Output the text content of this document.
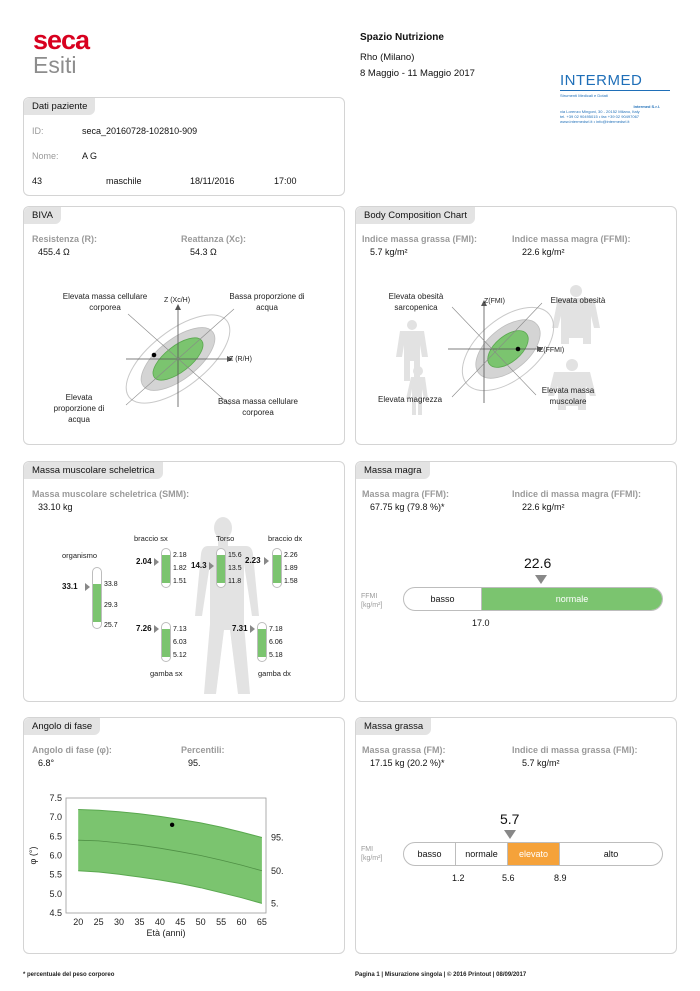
seca
Esiti
Spazio Nutrizione
Rho (Milano)
8 Maggio - 11 Maggio 2017	INTERMED
Strumenti Medicali e Dotati
Intermed S.r.l.
via Lorenzo Mingoni, 30 - 20152 Milano, Italy
tel. +39 02 90495015 • fax +39 02 90497067
www.intermedsrl.it • info@intermedsrl.it
Dati paziente
ID:	seca_20160728-102810-909
Nome:	A G
43	maschile	18/11/2016	17:00
BIVA
Resistenza (R):
455.4 Ω
Reattanza (Xc):
54.3 Ω
Z (Xc/H)
Z (R/H)
Elevata massa cellulare corporea
Bassa proporzione di acqua
Elevata proporzione di acqua
Bassa massa cellulare corporea
Body Composition Chart
Indice massa grassa (FMI):
5.7 kg/m²
Indice massa magra (FFMI):
22.6 kg/m²
Z(FMI)
Z(FFMI)
Elevata obesità sarcopenica
Elevata obesità
Elevata magrezza
Elevata massa muscolare
Massa muscolare scheletrica
Massa muscolare scheletrica (SMM):
33.10 kg
organismo
33.1	33.8
29.3
25.7
braccio sx
2.04
2.18
1.82
1.51
Torso
14.3
15.6
13.5
11.8
braccio dx
2.23
2.26
1.89
1.58
7.26	7.13
6.03
5.12
gamba sx
7.31	7.18
6.06
5.18
gamba dx
Massa magra
Massa magra (FFM):
67.75 kg (79.8 %)*
Indice di massa magra (FFMI):
22.6 kg/m²
FFMI
[kg/m²]
22.6
basso	normale
17.0
Angolo di fase
Angolo di fase (φ):
6.8°
Percentili:
95.
95.
50.
5.
20 25 30 35 40 45 50 55 60 65
4.5
5.0
5.5
6.0
6.5
7.0
7.5
Età (anni)
φ (°)
Massa grassa
Massa grassa (FM):
17.15 kg (20.2 %)*
Indice di massa grassa (FMI):
5.7 kg/m²
FMI
[kg/m²]
5.7
basso	normale	elevato	alto
1.2	5.6	8.9
* percentuale del peso corporeo	Pagina 1 | Misurazione singola | © 2016 Printout | 08/09/2017
